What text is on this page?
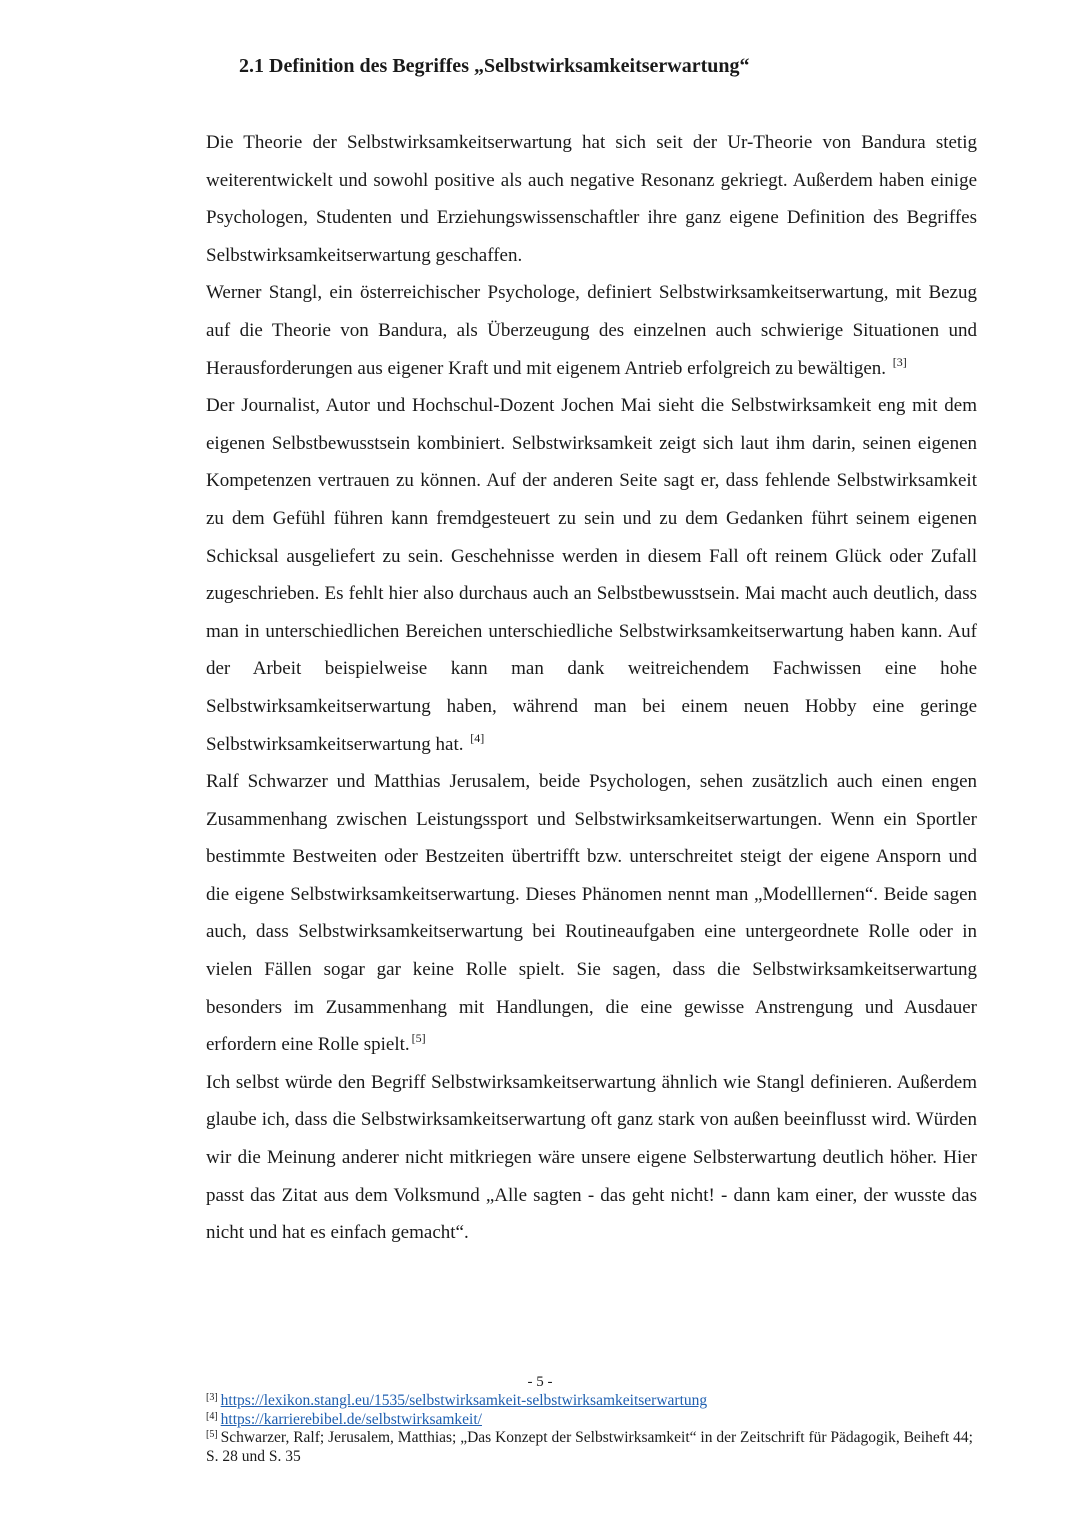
2.1 Definition des Begriffes „Selbstwirksamkeitserwartung“

Die Theorie der Selbstwirksamkeitserwartung hat sich seit der Ur-Theorie von Bandura stetig weiterentwickelt und sowohl positive als auch negative Resonanz gekriegt. Außerdem haben einige Psychologen, Studenten und Erziehungswissenschaftler ihre ganz eigene Definition des Begriffes Selbstwirksamkeitserwartung geschaffen.

Werner Stangl, ein österreichischer Psychologe, definiert Selbstwirksamkeitserwartung, mit Bezug auf die Theorie von Bandura, als Überzeugung des einzelnen auch schwierige Situationen und Herausforderungen aus eigener Kraft und mit eigenem Antrieb erfolgreich zu bewältigen. [3]

Der Journalist, Autor und Hochschul-Dozent Jochen Mai sieht die Selbstwirksamkeit eng mit dem eigenen Selbstbewusstsein kombiniert. Selbstwirksamkeit zeigt sich laut ihm darin, seinen eigenen Kompetenzen vertrauen zu können. Auf der anderen Seite sagt er, dass fehlende Selbstwirksamkeit zu dem Gefühl führen kann fremdgesteuert zu sein und zu dem Gedanken führt seinem eigenen Schicksal ausgeliefert zu sein. Geschehnisse werden in diesem Fall oft reinem Glück oder Zufall zugeschrieben. Es fehlt hier also durchaus auch an Selbstbewusstsein. Mai macht auch deutlich, dass man in unterschiedlichen Bereichen unterschiedliche Selbstwirksamkeitserwartung haben kann. Auf der Arbeit beispielweise kann man dank weitreichendem Fachwissen eine hohe Selbstwirksamkeitserwartung haben, während man bei einem neuen Hobby eine geringe Selbstwirksamkeitserwartung hat. [4]

Ralf Schwarzer und Matthias Jerusalem, beide Psychologen, sehen zusätzlich auch einen engen Zusammenhang zwischen Leistungssport und Selbstwirksamkeitserwartungen. Wenn ein Sportler bestimmte Bestweiten oder Bestzeiten übertrifft bzw. unterschreitet steigt der eigene Ansporn und die eigene Selbstwirksamkeitserwartung. Dieses Phänomen nennt man „Modelllernen“. Beide sagen auch, dass Selbstwirksamkeitserwartung bei Routineaufgaben eine untergeordnete Rolle oder in vielen Fällen sogar gar keine Rolle spielt. Sie sagen, dass die Selbstwirksamkeitserwartung besonders im Zusammenhang mit Handlungen, die eine gewisse Anstrengung und Ausdauer erfordern eine Rolle spielt. [5]

Ich selbst würde den Begriff Selbstwirksamkeitserwartung ähnlich wie Stangl definieren. Außerdem glaube ich, dass die Selbstwirksamkeitserwartung oft ganz stark von außen beeinflusst wird. Würden wir die Meinung anderer nicht mitkriegen wäre unsere eigene Selbsterwartung deutlich höher. Hier passt das Zitat aus dem Volksmund „Alle sagten - das geht nicht! - dann kam einer, der wusste das nicht und hat es einfach gemacht“.

- 5 -

[3] https://lexikon.stangl.eu/1535/selbstwirksamkeit-selbstwirksamkeitserwartung

[4] https://karrierebibel.de/selbstwirksamkeit/

[5] Schwarzer, Ralf; Jerusalem, Matthias; „Das Konzept der Selbstwirksamkeit“ in der Zeitschrift für Pädagogik, Beiheft 44; S. 28 und S. 35
